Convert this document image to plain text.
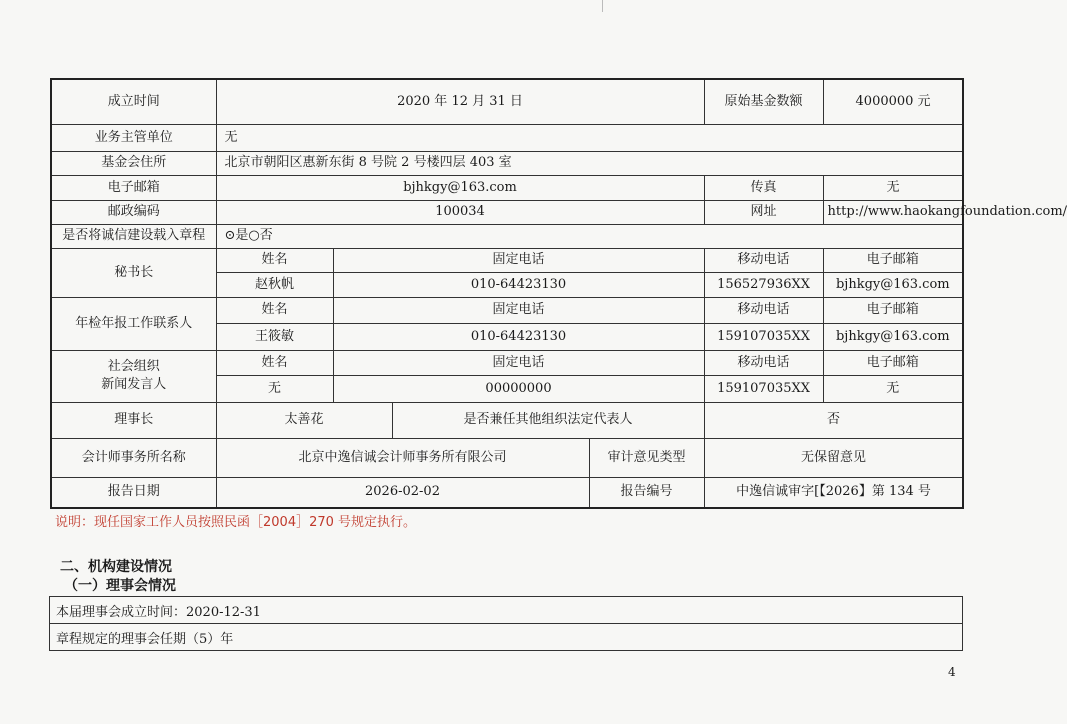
成立时间	2020 年 12 月 31 日				原始基金数额	4000000 元
业务主管单位	无					
基金会住所	北京市朝阳区惠新东街 8 号院 2 号楼四层 403 室					
电子邮箱	bjhkgy@163.com				传真	无
邮政编码	100034				网址	http://www.haokangfoundation.com/
是否将诚信建设载入章程	⊙是○否					
秘书长	姓名	固定电话			移动电话	电子邮箱
	赵秋帆	010-64423130			156527936XX	bjhkgy@163.com
年检年报工作联系人	姓名	固定电话			移动电话	电子邮箱
	王筱敏	010-64423130			159107035XX	bjhkgy@163.com

社会组织
新闻发言人	姓名	固定电话			移动电话	电子邮箱
	无	00000000			159107035XX	无
理事长	太善花		是否兼任其他组织法定代表人		否	
会计师事务所名称	北京中逸信诚会计师事务所有限公司			审计意见类型	无保留意见	
报告日期	2026-02-02			报告编号	中逸信诚审字[【2026】第 134 号	
说明：现任国家工作人员按照民函［2004］270 号规定执行。
二、机构建设情况
（一）理事会情况
本届理事会成立时间：2020-12-31
章程规定的理事会任期（5）年
4
